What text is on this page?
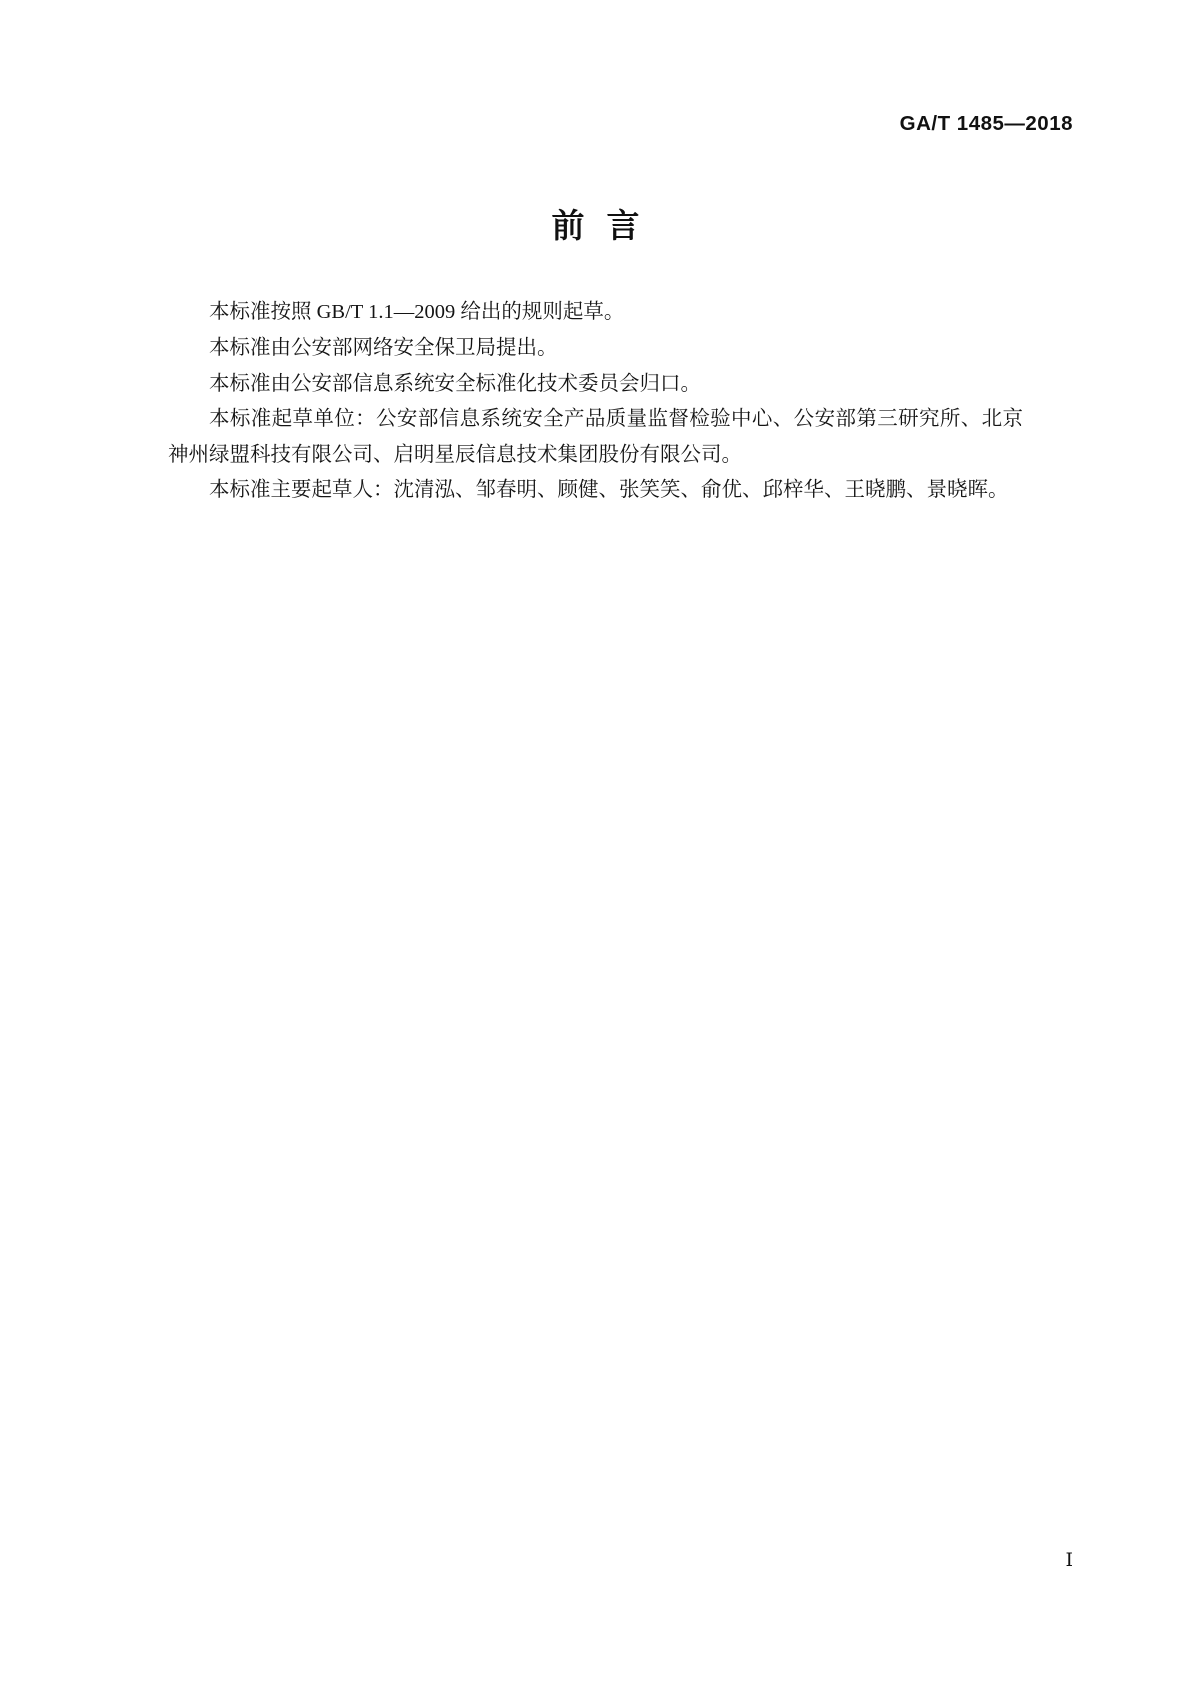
GA/T 1485—2018
前言

本标准按照 GB/T 1.1—2009 给出的规则起草。

本标准由公安部网络安全保卫局提出。

本标准由公安部信息系统安全标准化技术委员会归口。

本标准起草单位：公安部信息系统安全产品质量监督检验中心、公安部第三研究所、北京神州绿盟科技有限公司、启明星辰信息技术集团股份有限公司。

本标准主要起草人：沈清泓、邹春明、顾健、张笑笑、俞优、邱梓华、王晓鹏、景晓晖。

Ⅰ
